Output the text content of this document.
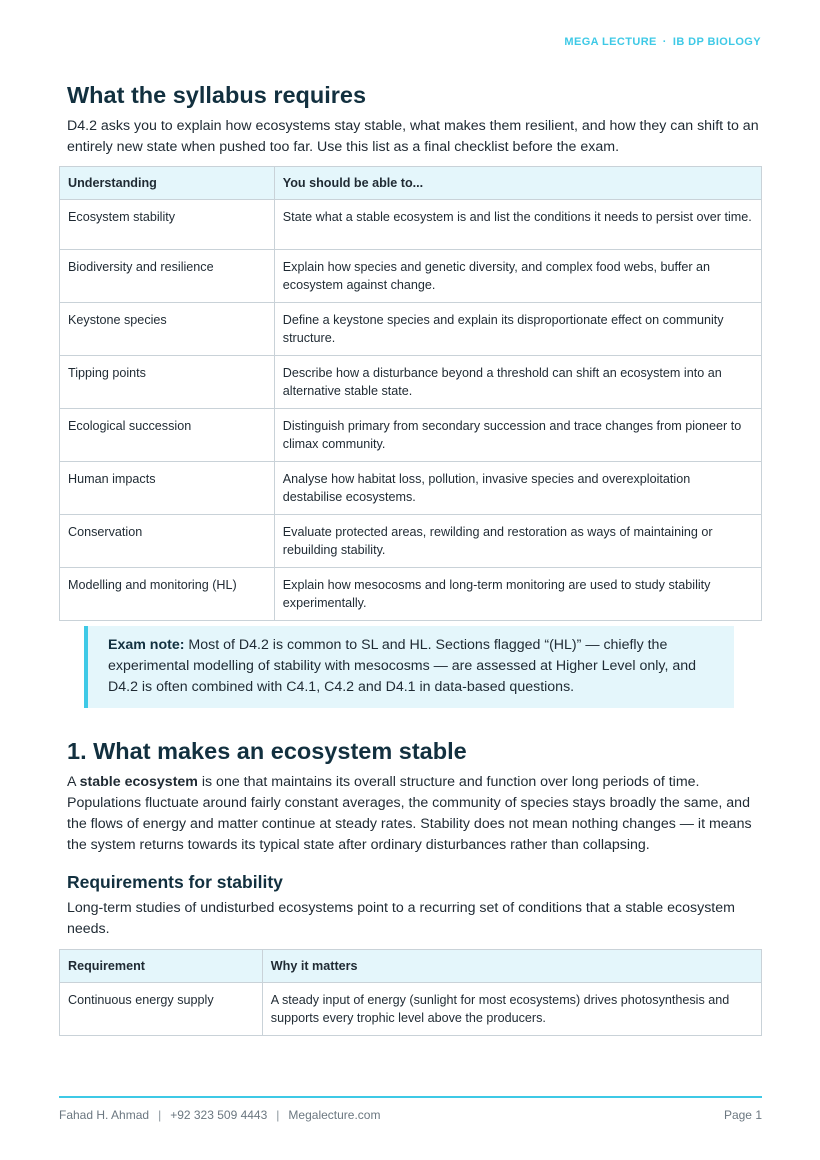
MEGA LECTURE · IB DP BIOLOGY
What the syllabus requires

D4.2 asks you to explain how ecosystems stay stable, what makes them resilient, and how they can shift to an entirely new state when pushed too far. Use this list as a final checklist before the exam.

Understanding	You should be able to...
Ecosystem stability	State what a stable ecosystem is and list the conditions it needs to persist over time.
Biodiversity and resilience	Explain how species and genetic diversity, and complex food webs, buffer an ecosystem against change.
Keystone species	Define a keystone species and explain its disproportionate effect on community structure.
Tipping points	Describe how a disturbance beyond a threshold can shift an ecosystem into an alternative stable state.
Ecological succession	Distinguish primary from secondary succession and trace changes from pioneer to climax community.
Human impacts	Analyse how habitat loss, pollution, invasive species and overexploitation destabilise ecosystems.
Conservation	Evaluate protected areas, rewilding and restoration as ways of maintaining or rebuilding stability.
Modelling and monitoring (HL)	Explain how mesocosms and long-term monitoring are used to study stability experimentally.
Exam note: Most of D4.2 is common to SL and HL. Sections flagged “(HL)” — chiefly the experimental modelling of stability with mesocosms — are assessed at Higher Level only, and D4.2 is often combined with C4.1, C4.2 and D4.1 in data-based questions.
1. What makes an ecosystem stable

A stable ecosystem is one that maintains its overall structure and function over long periods of time. Populations fluctuate around fairly constant averages, the community of species stays broadly the same, and the flows of energy and matter continue at steady rates. Stability does not mean nothing changes — it means the system returns towards its typical state after ordinary disturbances rather than collapsing.

Requirements for stability

Long-term studies of undisturbed ecosystems point to a recurring set of conditions that a stable ecosystem needs.

Requirement	Why it matters
Continuous energy supply	A steady input of energy (sunlight for most ecosystems) drives photosynthesis and supports every trophic level above the producers.
Fahad H. Ahmad | +92 323 509 4443 | Megalecture.com	Page 1
